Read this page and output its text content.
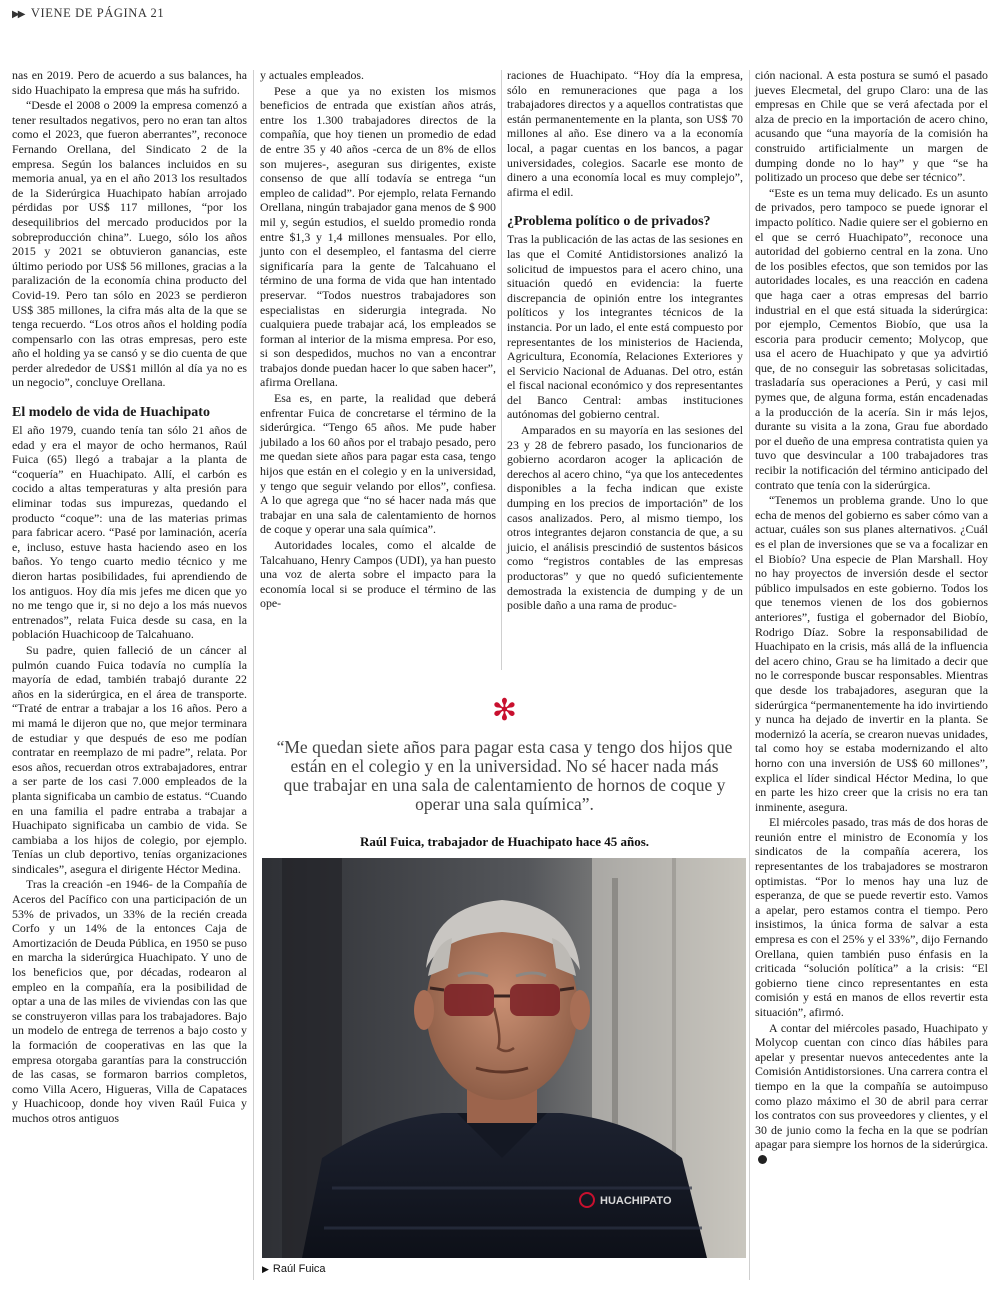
▶▶ VIENE DE PÁGINA 21

nas en 2019. Pero de acuerdo a sus balances, ha sido Huachipato la empresa que más ha sufrido.

“Desde el 2008 o 2009 la empresa comenzó a tener resultados negativos, pero no eran tan altos como el 2023, que fueron aberrantes”, reconoce Fernando Orellana, del Sindicato 2 de la empresa. Según los balances incluidos en su memoria anual, ya en el año 2013 los resultados de la Siderúrgica Huachipato habían arrojado pérdidas por US$ 117 millones, “por los desequilibrios del mercado producidos por la sobreproducción china”. Luego, sólo los años 2015 y 2021 se obtuvieron ganancias, este último periodo por US$ 56 millones, gracias a la paralización de la economía china producto del Covid-19. Pero tan sólo en 2023 se perdieron US$ 385 millones, la cifra más alta de la que se tenga recuerdo. “Los otros años el holding podía compensarlo con las otras empresas, pero este año el holding ya se cansó y se dio cuenta de que perder alrededor de US$1 millón al día ya no es un negocio”, concluye Orellana.

El modelo de vida de Huachipato

El año 1979, cuando tenía tan sólo 21 años de edad y era el mayor de ocho hermanos, Raúl Fuica (65) llegó a trabajar a la planta de “coquería” en Huachipato. Allí, el carbón es cocido a altas temperaturas y alta presión para eliminar todas sus impurezas, quedando el producto “coque”: una de las materias primas para fabricar acero. “Pasé por laminación, acería e, incluso, estuve hasta haciendo aseo en los baños. Yo tengo cuarto medio técnico y me dieron hartas posibilidades, fui aprendiendo de los antiguos. Hoy día mis jefes me dicen que yo no me tengo que ir, si no dejo a los más nuevos entrenados”, relata Fuica desde su casa, en la población Huachicoop de Talcahuano.

Su padre, quien falleció de un cáncer al pulmón cuando Fuica todavía no cumplía la mayoría de edad, también trabajó durante 22 años en la siderúrgica, en el área de transporte. “Traté de entrar a trabajar a los 16 años. Pero a mi mamá le dijeron que no, que mejor terminara de estudiar y que después de eso me podían contratar en reemplazo de mi padre”, relata. Por esos años, recuerdan otros extrabajadores, entrar a ser parte de los casi 7.000 empleados de la planta significaba un cambio de estatus. “Cuando en una familia el padre entraba a trabajar a Huachipato significaba un cambio de vida. Se cambiaba a los hijos de colegio, por ejemplo. Tenías un club deportivo, tenías organizaciones sindicales”, asegura el dirigente Héctor Medina.

Tras la creación -en 1946- de la Compañía de Aceros del Pacífico con una participación de un 53% de privados, un 33% de la recién creada Corfo y un 14% de la entonces Caja de Amortización de Deuda Pública, en 1950 se puso en marcha la siderúrgica Huachipato. Y uno de los beneficios que, por décadas, rodearon al empleo en la compañía, era la posibilidad de optar a una de las miles de viviendas con las que se construyeron villas para los trabajadores. Bajo un modelo de entrega de terrenos a bajo costo y la formación de cooperativas en las que la empresa otorgaba garantías para la construcción de las casas, se formaron barrios completos, como Villa Acero, Higueras, Villa de Capataces y Huachicoop, donde hoy viven Raúl Fuica y muchos otros antiguos

y actuales empleados.

Pese a que ya no existen los mismos beneficios de entrada que existían años atrás, entre los 1.300 trabajadores directos de la compañía, que hoy tienen un promedio de edad de entre 35 y 40 años -cerca de un 8% de ellos son mujeres-, aseguran sus dirigentes, existe consenso de que allí todavía se entrega “un empleo de calidad”. Por ejemplo, relata Fernando Orellana, ningún trabajador gana menos de $ 900 mil y, según estudios, el sueldo promedio ronda entre $1,3 y 1,4 millones mensuales. Por ello, junto con el desempleo, el fantasma del cierre significaría para la gente de Talcahuano el término de una forma de vida que han intentado preservar. “Todos nuestros trabajadores son especialistas en siderurgia integrada. No cualquiera puede trabajar acá, los empleados se forman al interior de la misma empresa. Por eso, si son despedidos, muchos no van a encontrar trabajos donde puedan hacer lo que saben hacer”, afirma Orellana.

Esa es, en parte, la realidad que deberá enfrentar Fuica de concretarse el término de la siderúrgica. “Tengo 65 años. Me pude haber jubilado a los 60 años por el trabajo pesado, pero me quedan siete años para pagar esta casa, tengo hijos que están en el colegio y en la universidad, y tengo que seguir velando por ellos”, confiesa. A lo que agrega que “no sé hacer nada más que trabajar en una sala de calentamiento de hornos de coque y operar una sala química”.

Autoridades locales, como el alcalde de Talcahuano, Henry Campos (UDI), ya han puesto una voz de alerta sobre el impacto para la economía local si se produce el término de las ope-

raciones de Huachipato. “Hoy día la empresa, sólo en remuneraciones que paga a los trabajadores directos y a aquellos contratistas que están permanentemente en la planta, son US$ 70 millones al año. Ese dinero va a la economía local, a pagar cuentas en los bancos, a pagar universidades, colegios. Sacarle ese monto de dinero a una economía local es muy complejo”, afirma el edil.

¿Problema político o de privados?

Tras la publicación de las actas de las sesiones en las que el Comité Antidistorsiones analizó la solicitud de impuestos para el acero chino, una situación quedó en evidencia: la fuerte discrepancia de opinión entre los integrantes políticos y los integrantes técnicos de la instancia. Por un lado, el ente está compuesto por representantes de los ministerios de Hacienda, Agricultura, Economía, Relaciones Exteriores y el Servicio Nacional de Aduanas. Del otro, están el fiscal nacional económico y dos representantes del Banco Central: ambas instituciones autónomas del gobierno central.

Amparados en su mayoría en las sesiones del 23 y 28 de febrero pasado, los funcionarios de gobierno acordaron acoger la aplicación de derechos al acero chino, “ya que los antecedentes disponibles a la fecha indican que existe dumping en los precios de importación” de los casos analizados. Pero, al mismo tiempo, los otros integrantes dejaron constancia de que, a su juicio, el análisis prescindió de sustentos básicos como “registros contables de las empresas productoras” y que no quedó suficientemente demostrada la existencia de dumping y de un posible daño a una rama de produc-

ción nacional. A esta postura se sumó el pasado jueves Elecmetal, del grupo Claro: una de las empresas en Chile que se verá afectada por el alza de precio en la importación de acero chino, acusando que “una mayoría de la comisión ha construido artificialmente un margen de dumping donde no lo hay” y que “se ha politizado un proceso que debe ser técnico”.

“Este es un tema muy delicado. Es un asunto de privados, pero tampoco se puede ignorar el impacto político. Nadie quiere ser el gobierno en el que se cerró Huachipato”, reconoce una autoridad del gobierno central en la zona. Uno de los posibles efectos, que son temidos por las autoridades locales, es una reacción en cadena que haga caer a otras empresas del barrio industrial en el que está situada la siderúrgica: por ejemplo, Cementos Biobío, que usa la escoria para producir cemento; Molycop, que usa el acero de Huachipato y que ya advirtió que, de no conseguir las sobretasas solicitadas, trasladaría sus operaciones a Perú, y casi mil pymes que, de alguna forma, están encadenadas a la producción de la acería. Sin ir más lejos, durante su visita a la zona, Grau fue abordado por el dueño de una empresa contratista quien ya tuvo que desvincular a 100 trabajadores tras recibir la notificación del término anticipado del contrato que tenía con la siderúrgica.

“Tenemos un problema grande. Uno lo que echa de menos del gobierno es saber cómo van a actuar, cuáles son sus planes alternativos. ¿Cuál es el plan de inversiones que se va a focalizar en el Biobío? Una especie de Plan Marshall. Hoy no hay proyectos de inversión desde el sector público impulsados en este gobierno. Todos los que tenemos vienen de los dos gobiernos anteriores”, fustiga el gobernador del Biobío, Rodrigo Díaz. Sobre la responsabilidad de Huachipato en la crisis, más allá de la influencia del acero chino, Grau se ha limitado a decir que no le corresponde buscar responsables. Mientras que desde los trabajadores, aseguran que la siderúrgica “permanentemente ha ido invirtiendo y nunca ha dejado de invertir en la planta. Se modernizó la acería, se crearon nuevas unidades, tal como hoy se estaba modernizando el alto horno con una inversión de US$ 60 millones”, explica el líder sindical Héctor Medina, lo que en parte les hizo creer que la crisis no era tan inminente, asegura.

El miércoles pasado, tras más de dos horas de reunión entre el ministro de Economía y los sindicatos de la compañía acerera, los representantes de los trabajadores se mostraron optimistas. “Por lo menos hay una luz de esperanza, de que se puede revertir esto. Vamos a apelar, pero estamos contra el tiempo. Pero insistimos, la única forma de salvar a esta empresa es con el 25% y el 33%”, dijo Fernando Orellana, quien también puso énfasis en la criticada “solución política” a la crisis: “El gobierno tiene cinco representantes en esta comisión y está en manos de ellos revertir esta situación”, afirmó.

A contar del miércoles pasado, Huachipato y Molycop cuentan con cinco días hábiles para apelar y presentar nuevos antecedentes ante la Comisión Antidistorsiones. Una carrera contra el tiempo en la que la compañía se autoimpuso como plazo máximo el 30 de abril para cerrar los contratos con sus proveedores y clientes, y el 30 de junio como la fecha en la que se podrían apagar para siempre los hornos de la siderúrgica.

✻
“Me quedan siete años para pagar esta casa y tengo dos hijos que están en el colegio y en la universidad. No sé hacer nada más que trabajar en una sala de calentamiento de hornos de coque y operar una sala química”.
Raúl Fuica, trabajador de Huachipato hace 45 años.
HUACHIPATO
▶ Raúl Fuica
